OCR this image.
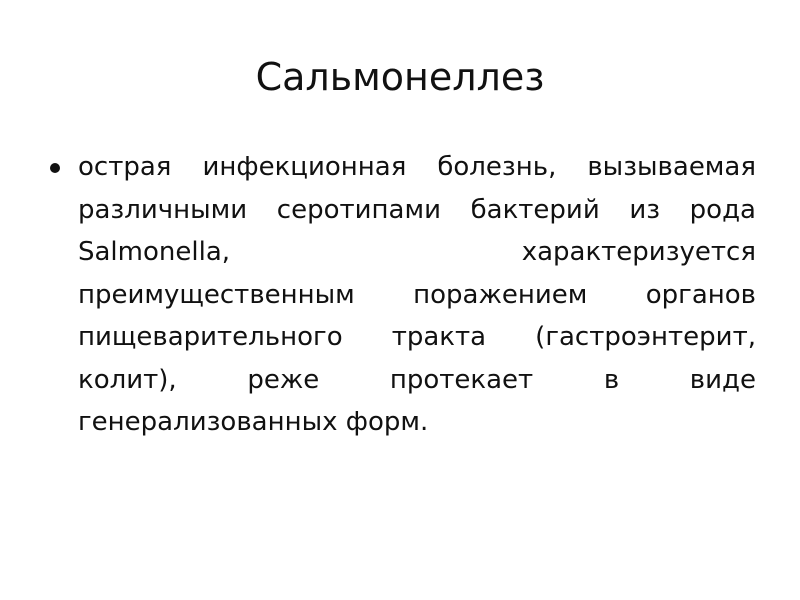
Сальмонеллез
острая инфекционная болезнь, вызываемая различными серотипами бактерий из рода Salmonella, характеризуется преимущественным поражением органов пищеварительного тракта (гастроэнтерит, колит), реже протекает в виде генерализованных форм.
